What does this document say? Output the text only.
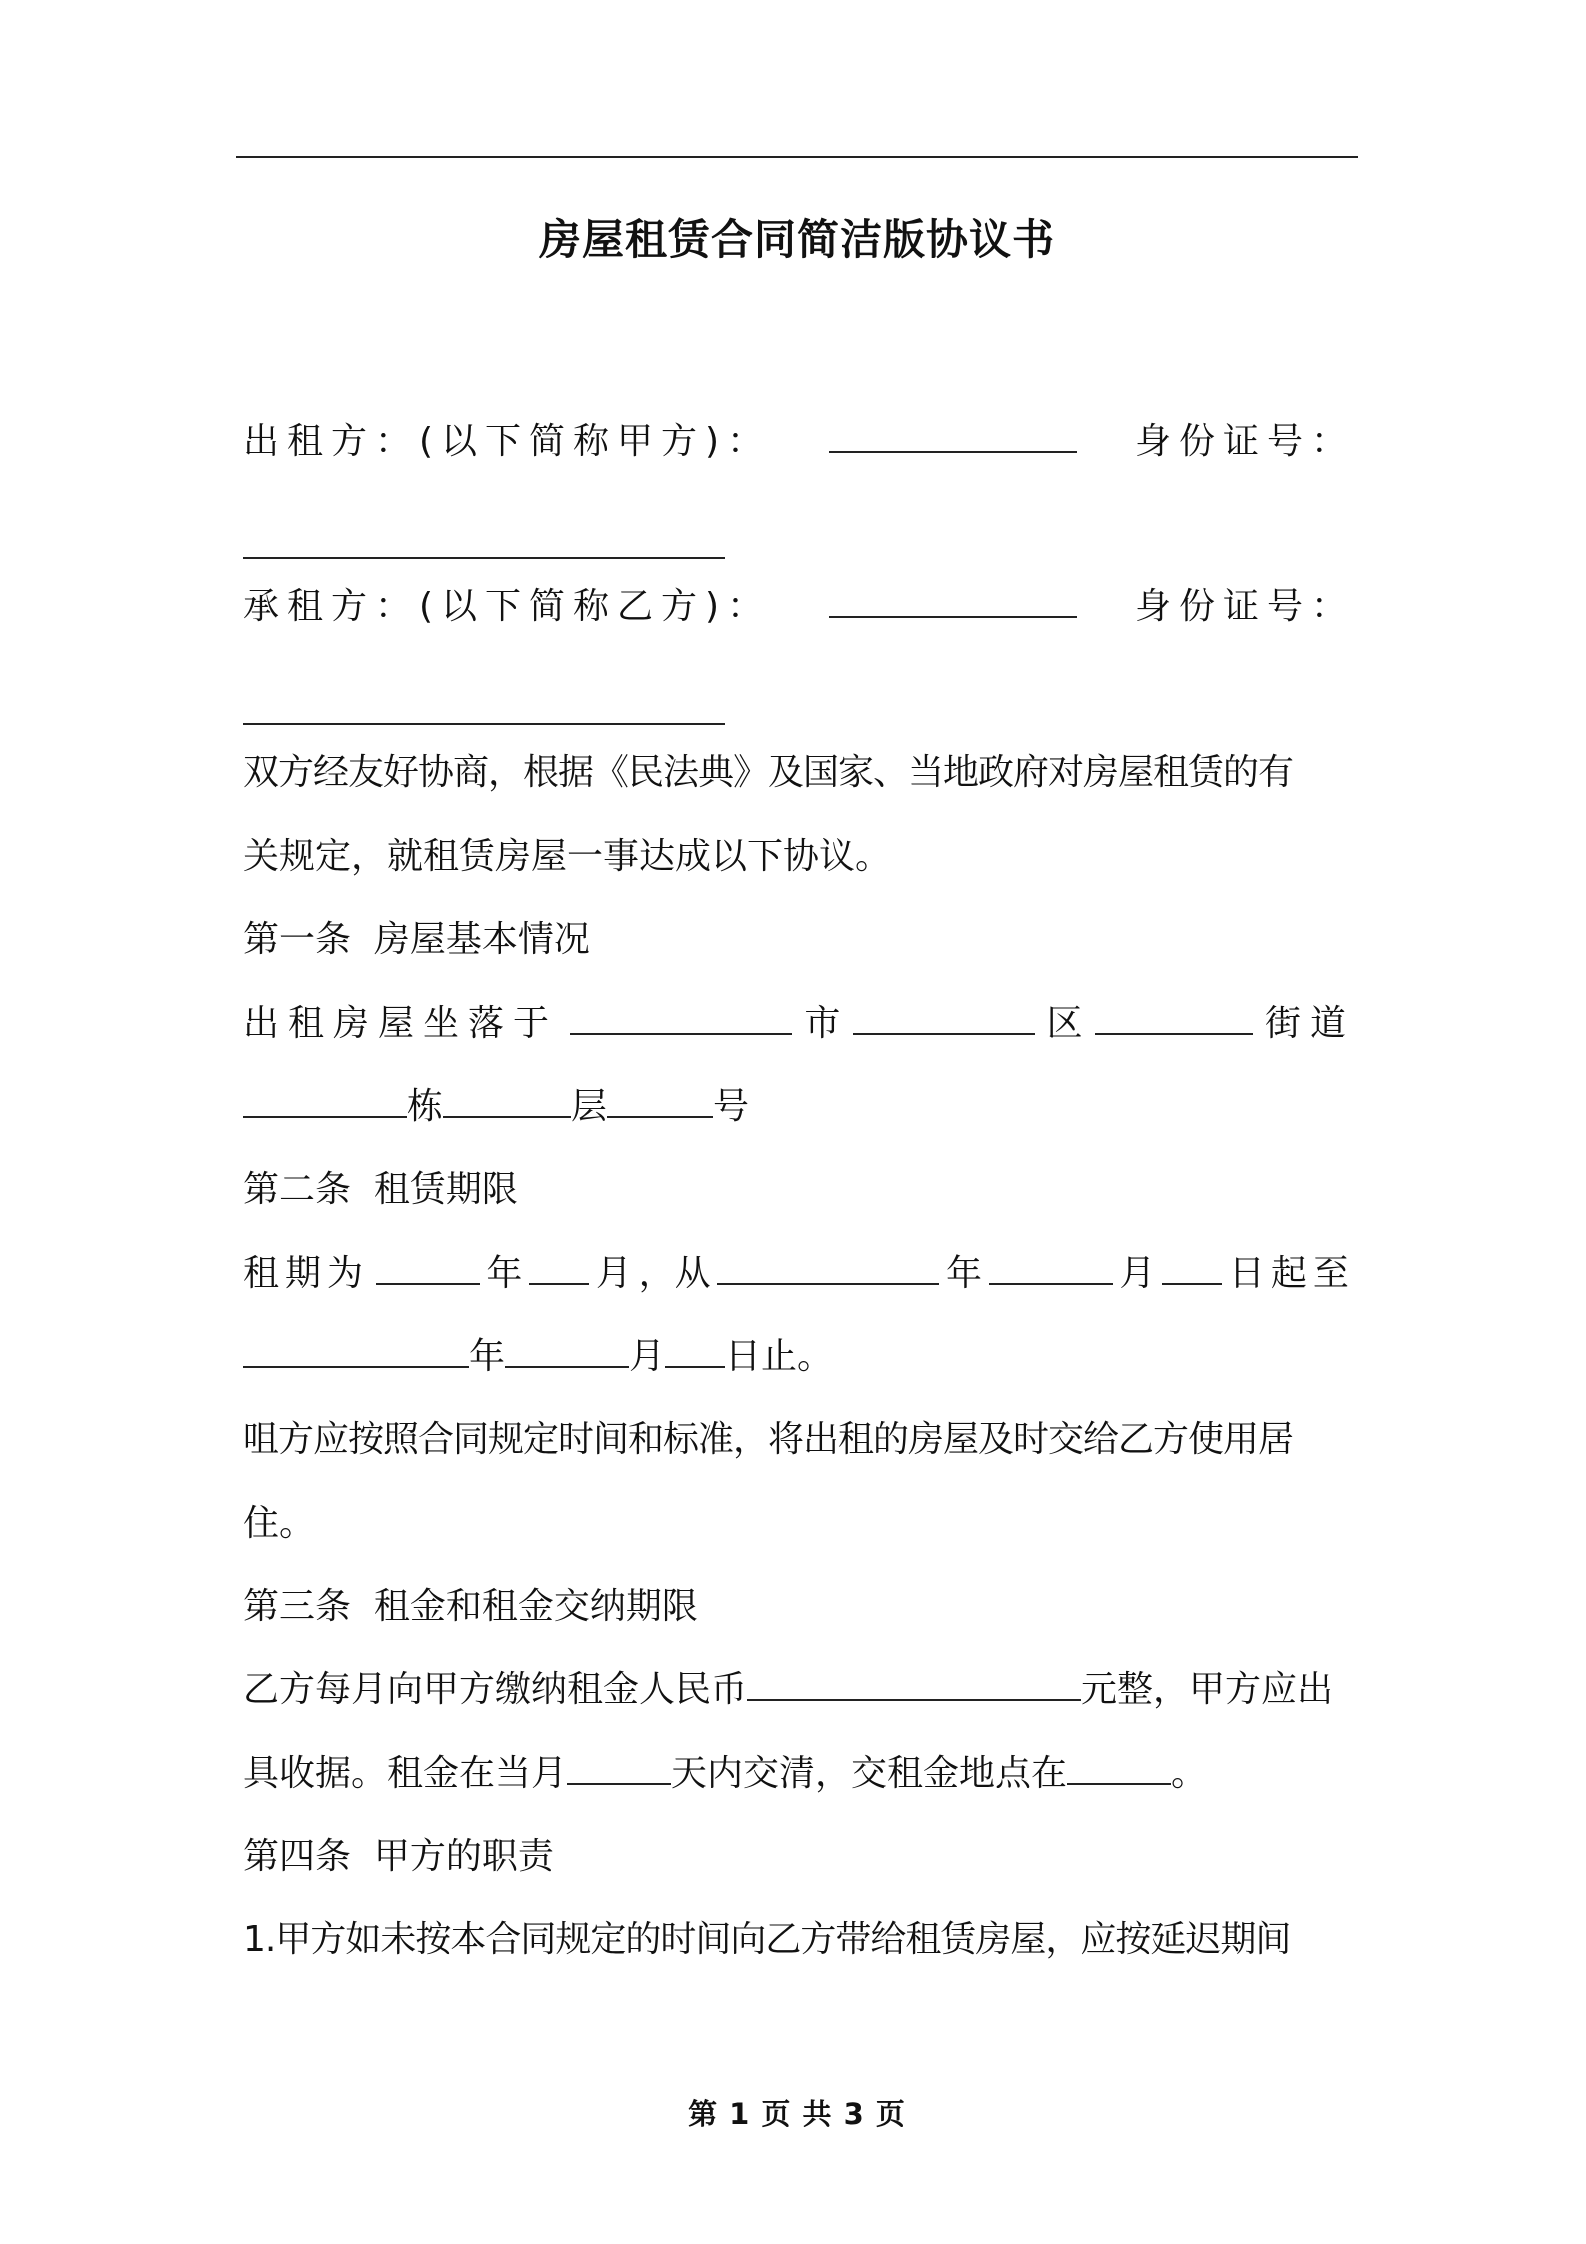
房屋租赁合同简洁版协议书
出租方：(以下简称甲方)：	身份证号：
承租方：(以下简称乙方)：	身份证号：
双方经友好协商，根据《民法典》及国家、当地政府对房屋租赁的有
关规定，就租赁房屋一事达成以下协议。
第一条  房屋基本情况
出租房屋坐落于	市	区	街道
栋	层	号
第二条  租赁期限
租期为	年 月 ，从	年	月 日起至
年	月 日止。
咀方应按照合同规定时间和标准，将出租的房屋及时交给乙方使用居
住。
第三条  租金和租金交纳期限
乙方每月向甲方缴纳租金人民币	元整，甲方应出
具收据。租金在当月	天内交清，交租金地点在	。
第四条  甲方的职责
1.甲方如未按本合同规定的时间向乙方带给租赁房屋，应按延迟期间
第 1 页 共 3 页
